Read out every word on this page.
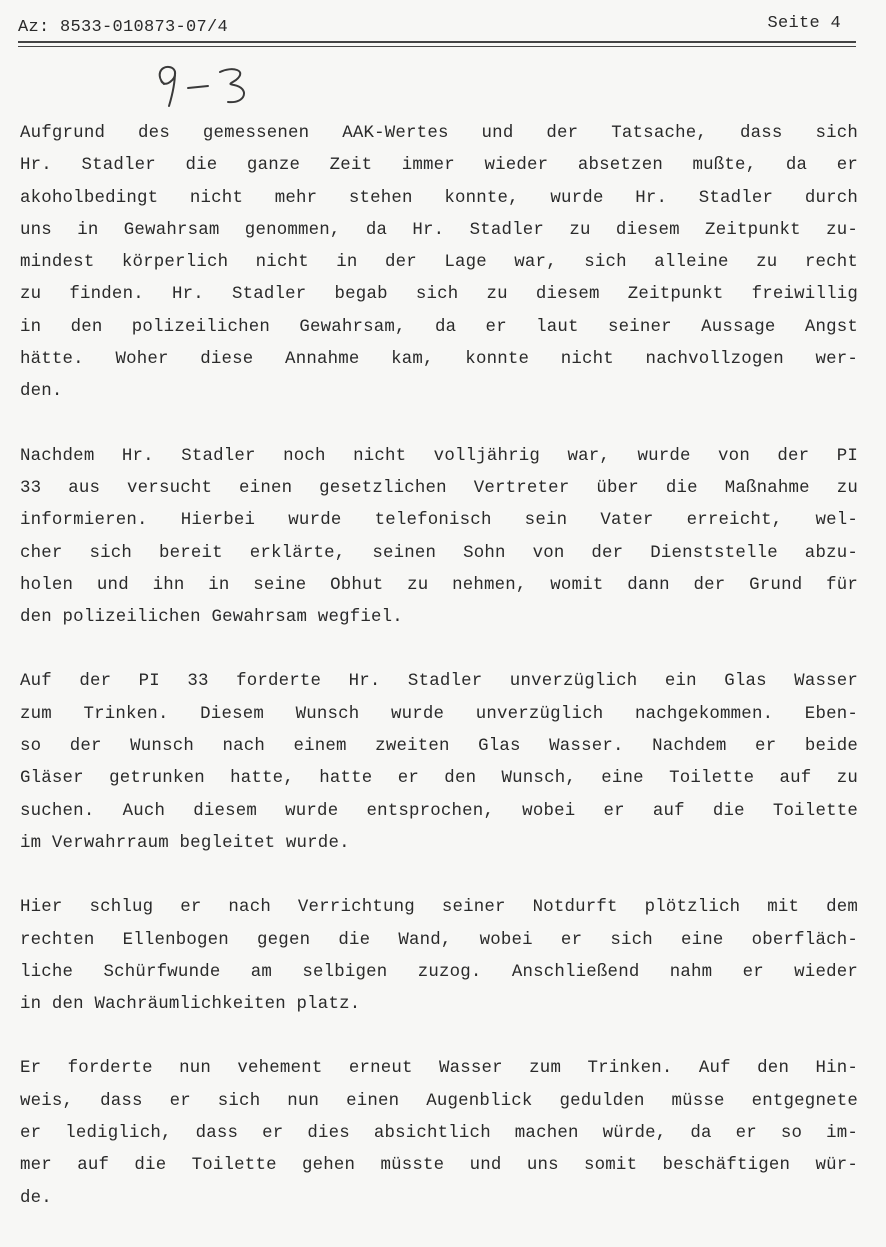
Az: 8533-010873-07/4	Seite 4
Aufgrund des gemessenen AAK-Wertes und der Tatsache, dass sich
Hr. Stadler die ganze Zeit immer wieder absetzen mußte, da er
akoholbedingt nicht mehr stehen konnte, wurde Hr. Stadler durch
uns in Gewahrsam genommen, da Hr. Stadler zu diesem Zeitpunkt zu-
mindest körperlich nicht in der Lage war, sich alleine zu recht
zu finden. Hr. Stadler begab sich zu diesem Zeitpunkt freiwillig
in den polizeilichen Gewahrsam, da er laut seiner Aussage Angst
hätte. Woher diese Annahme kam, konnte nicht nachvollzogen wer-
den.
Nachdem Hr. Stadler noch nicht volljährig war, wurde von der PI
33 aus versucht einen gesetzlichen Vertreter über die Maßnahme zu
informieren. Hierbei wurde telefonisch sein Vater erreicht, wel-
cher sich bereit erklärte, seinen Sohn von der Dienststelle abzu-
holen und ihn in seine Obhut zu nehmen, womit dann der Grund für
den polizeilichen Gewahrsam wegfiel.
Auf der PI 33 forderte Hr. Stadler unverzüglich ein Glas Wasser
zum Trinken. Diesem Wunsch wurde unverzüglich nachgekommen. Eben-
so der Wunsch nach einem zweiten Glas Wasser. Nachdem er beide
Gläser getrunken hatte, hatte er den Wunsch, eine Toilette auf zu
suchen. Auch diesem wurde entsprochen, wobei er auf die Toilette
im Verwahrraum begleitet wurde.
Hier schlug er nach Verrichtung seiner Notdurft plötzlich mit dem
rechten Ellenbogen gegen die Wand, wobei er sich eine oberfläch-
liche Schürfwunde am selbigen zuzog. Anschließend nahm er wieder
in den Wachräumlichkeiten platz.
Er forderte nun vehement erneut Wasser zum Trinken. Auf den Hin-
weis, dass er sich nun einen Augenblick gedulden müsse entgegnete
er lediglich, dass er dies absichtlich machen würde, da er so im-
mer auf die Toilette gehen müsste und uns somit beschäftigen wür-
de.
